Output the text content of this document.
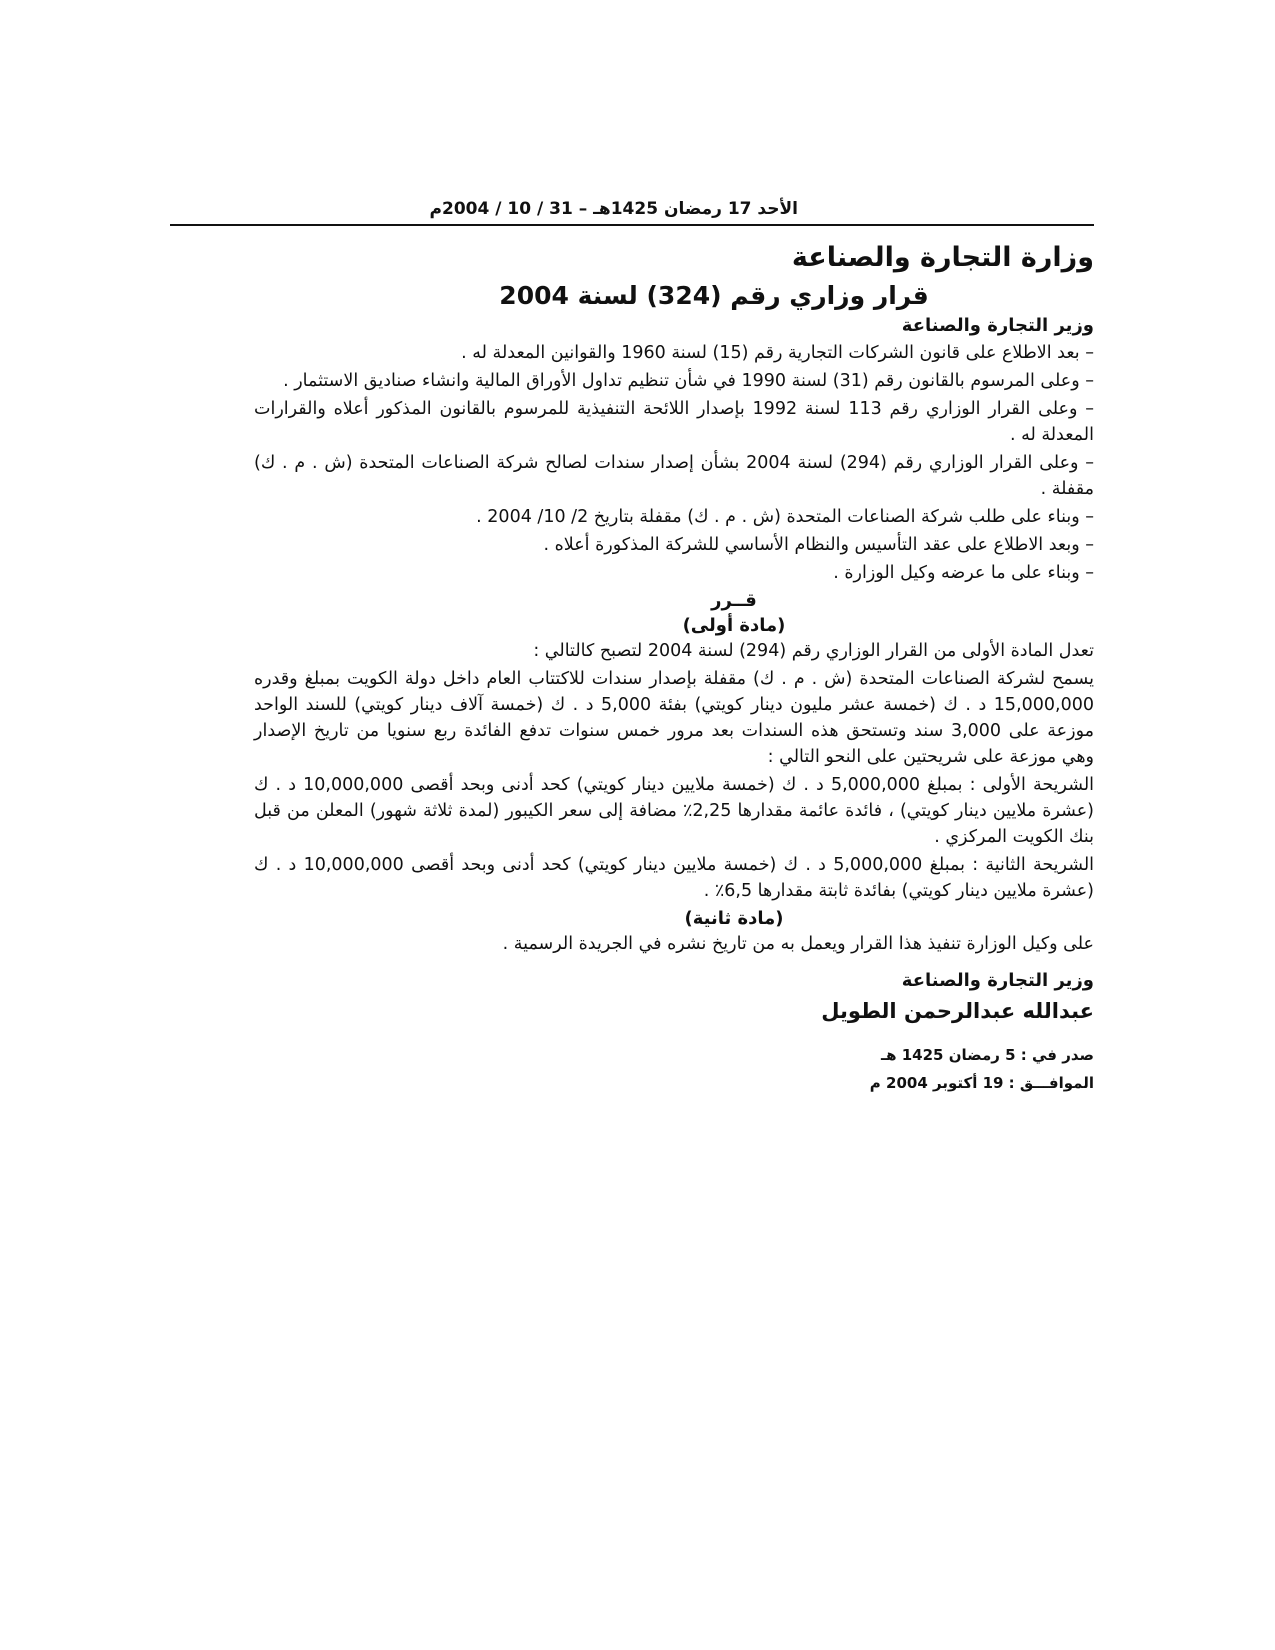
الأحد 17 رمضان 1425هـ – 31 / 10 / 2004م

وزارة التجارة والصناعة

قرار وزاري رقم (324) لسنة 2004

وزير التجارة والصناعة

– بعد الاطلاع على قانون الشركات التجارية رقم (15) لسنة 1960 والقوانين المعدلة له .

– وعلى المرسوم بالقانون رقم (31) لسنة 1990 في شأن تنظيم تداول الأوراق المالية وانشاء صناديق الاستثمار .

– وعلى القرار الوزاري رقم 113 لسنة 1992 بإصدار اللائحة التنفيذية للمرسوم بالقانون المذكور أعلاه والقرارات المعدلة له .

– وعلى القرار الوزاري رقم (294) لسنة 2004 بشأن إصدار سندات لصالح شركة الصناعات المتحدة (ش . م . ك) مقفلة .

– وبناء على طلب شركة الصناعات المتحدة (ش . م . ك) مقفلة بتاريخ 2/ 10/ 2004 .

– وبعد الاطلاع على عقد التأسيس والنظام الأساسي للشركة المذكورة أعلاه .

– وبناء على ما عرضه وكيل الوزارة .

قــرر

(مادة أولى)

تعدل المادة الأولى من القرار الوزاري رقم (294) لسنة 2004 لتصبح كالتالي :

يسمح لشركة الصناعات المتحدة (ش . م . ك) مقفلة بإصدار سندات للاكتتاب العام داخل دولة الكويت بمبلغ وقدره 15,000,000 د . ك (خمسة عشر مليون دينار كويتي) بفئة 5,000 د . ك (خمسة آلاف دينار كويتي) للسند الواحد موزعة على 3,000 سند وتستحق هذه السندات بعد مرور خمس سنوات تدفع الفائدة ربع سنويا من تاريخ الإصدار وهي موزعة على شريحتين على النحو التالي :

الشريحة الأولى : بمبلغ 5,000,000 د . ك (خمسة ملايين دينار كويتي) كحد أدنى وبحد أقصى 10,000,000 د . ك (عشرة ملايين دينار كويتي) ، فائدة عائمة مقدارها 2,25٪ مضافة إلى سعر الكيبور (لمدة ثلاثة شهور) المعلن من قبل بنك الكويت المركزي .

الشريحة الثانية : بمبلغ 5,000,000 د . ك (خمسة ملايين دينار كويتي) كحد أدنى وبحد أقصى 10,000,000 د . ك (عشرة ملايين دينار كويتي) بفائدة ثابتة مقدارها 6,5٪ .

(مادة ثانية)

على وكيل الوزارة تنفيذ هذا القرار ويعمل به من تاريخ نشره في الجريدة الرسمية .

وزير التجارة والصناعة

عبدالله عبدالرحمن الطويل

صدر في : 5 رمضان 1425 هـ

الموافـــق : 19 أكتوبر 2004 م
